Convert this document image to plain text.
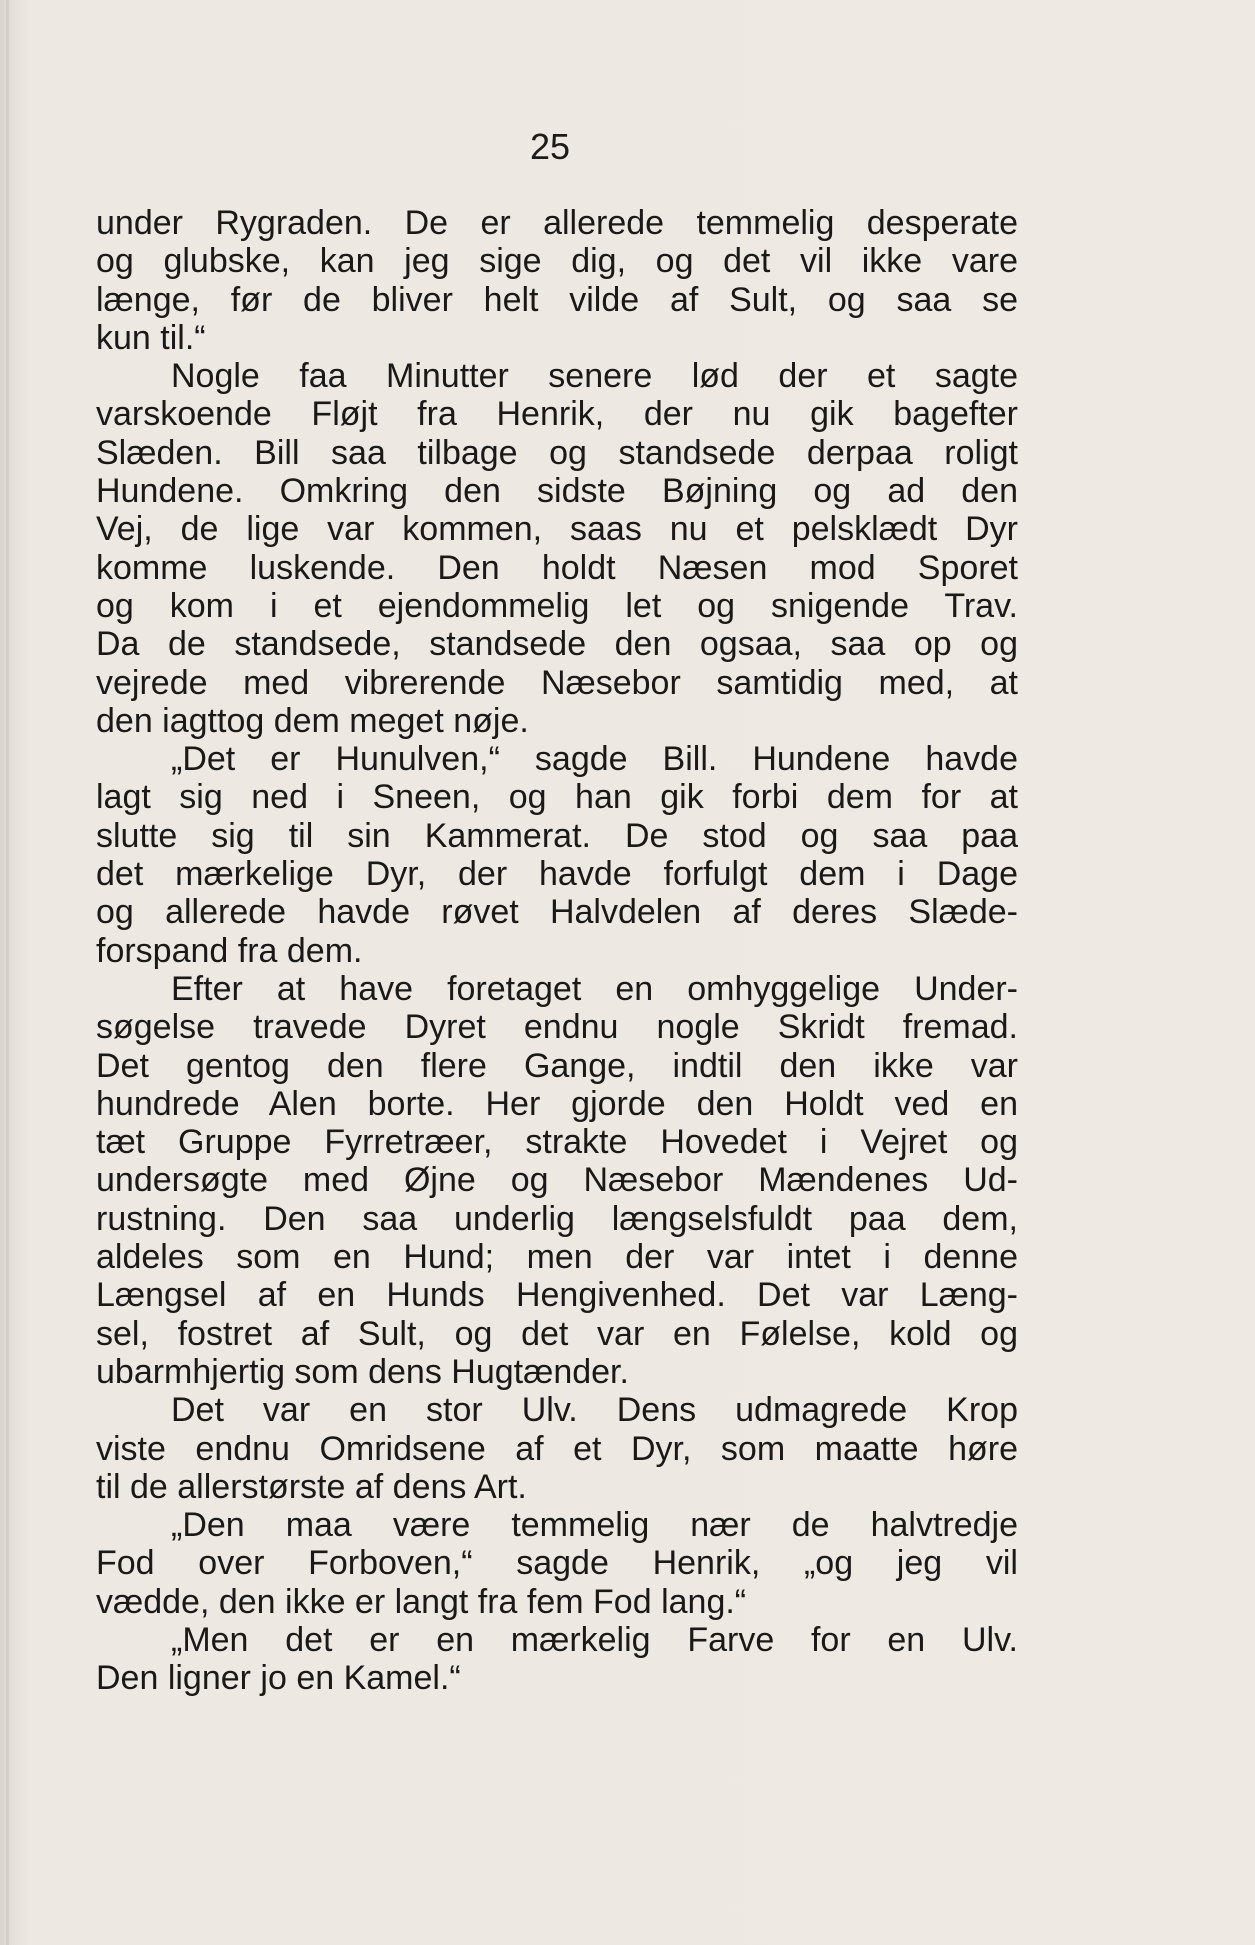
25
under Rygraden. De er allerede temmelig desperate
og glubske, kan jeg sige dig, og det vil ikke vare
længe, før de bliver helt vilde af Sult, og saa se
kun til.“
Nogle faa Minutter senere lød der et sagte
varskoende Fløjt fra Henrik, der nu gik bagefter
Slæden. Bill saa tilbage og standsede derpaa roligt
Hundene. Omkring den sidste Bøjning og ad den
Vej, de lige var kommen, saas nu et pelsklædt Dyr
komme luskende. Den holdt Næsen mod Sporet
og kom i et ejendommelig let og snigende Trav.
Da de standsede, standsede den ogsaa, saa op og
vejrede med vibrerende Næsebor samtidig med, at
den iagttog dem meget nøje.
„Det er Hunulven,“ sagde Bill. Hundene havde
lagt sig ned i Sneen, og han gik forbi dem for at
slutte sig til sin Kammerat. De stod og saa paa
det mærkelige Dyr, der havde forfulgt dem i Dage
og allerede havde røvet Halvdelen af deres Slæde-
forspand fra dem.
Efter at have foretaget en omhyggelige Under-
søgelse travede Dyret endnu nogle Skridt fremad.
Det gentog den flere Gange, indtil den ikke var
hundrede Alen borte. Her gjorde den Holdt ved en
tæt Gruppe Fyrretræer, strakte Hovedet i Vejret og
undersøgte med Øjne og Næsebor Mændenes Ud-
rustning. Den saa underlig længselsfuldt paa dem,
aldeles som en Hund; men der var intet i denne
Længsel af en Hunds Hengivenhed. Det var Læng-
sel, fostret af Sult, og det var en Følelse, kold og
ubarmhjertig som dens Hugtænder.
Det var en stor Ulv. Dens udmagrede Krop
viste endnu Omridsene af et Dyr, som maatte høre
til de allerstørste af dens Art.
„Den maa være temmelig nær de halvtredje
Fod over Forboven,“ sagde Henrik, „og jeg vil
vædde, den ikke er langt fra fem Fod lang.“
„Men det er en mærkelig Farve for en Ulv.
Den ligner jo en Kamel.“
